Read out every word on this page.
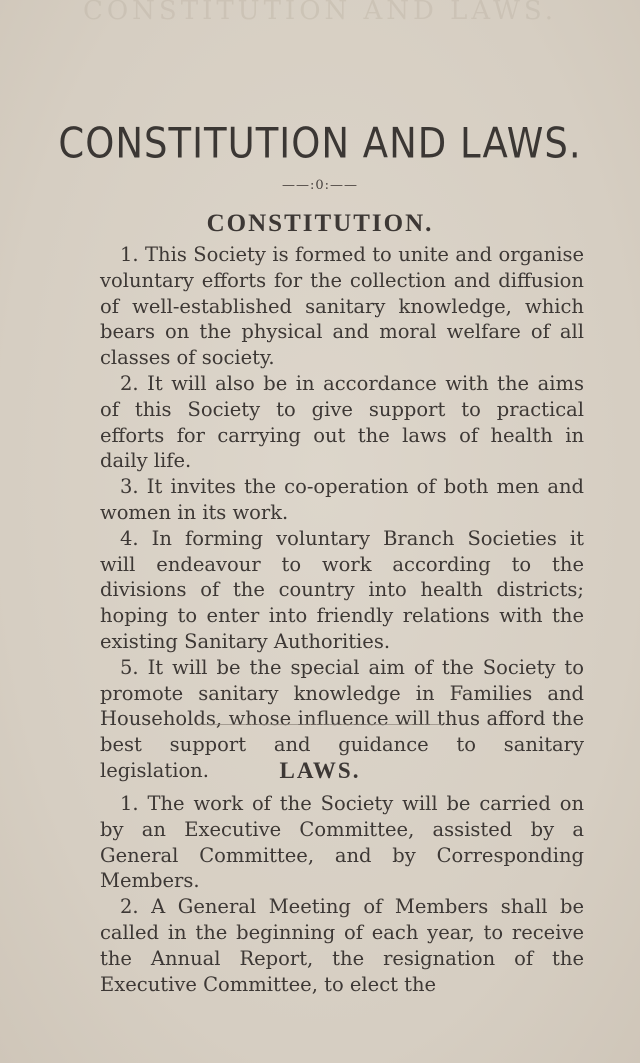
CONSTITUTION AND LAWS.
CONSTITUTION AND LAWS.
——:0:——
CONSTITUTION.

1. This Society is formed to unite and organise voluntary efforts for the collection and diffusion of well-established sanitary knowledge, which bears on the physical and moral welfare of all classes of society.

2. It will also be in accordance with the aims of this Society to give support to practical efforts for carrying out the laws of health in daily life.

3. It invites the co-operation of both men and women in its work.

4. In forming voluntary Branch Societies it will endeavour to work according to the divisions of the country into health districts; hoping to enter into friendly relations with the existing Sanitary Authorities.

5. It will be the special aim of the Society to promote sanitary knowledge in Families and Households, whose influence will thus afford the best support and guidance to sanitary legislation.	LAWS.

1. The work of the Society will be carried on by an Executive Committee, assisted by a General Committee, and by Corresponding Members.

2. A General Meeting of Members shall be called in the beginning of each year, to receive the Annual Report, the resignation of the Executive Committee, to elect the
